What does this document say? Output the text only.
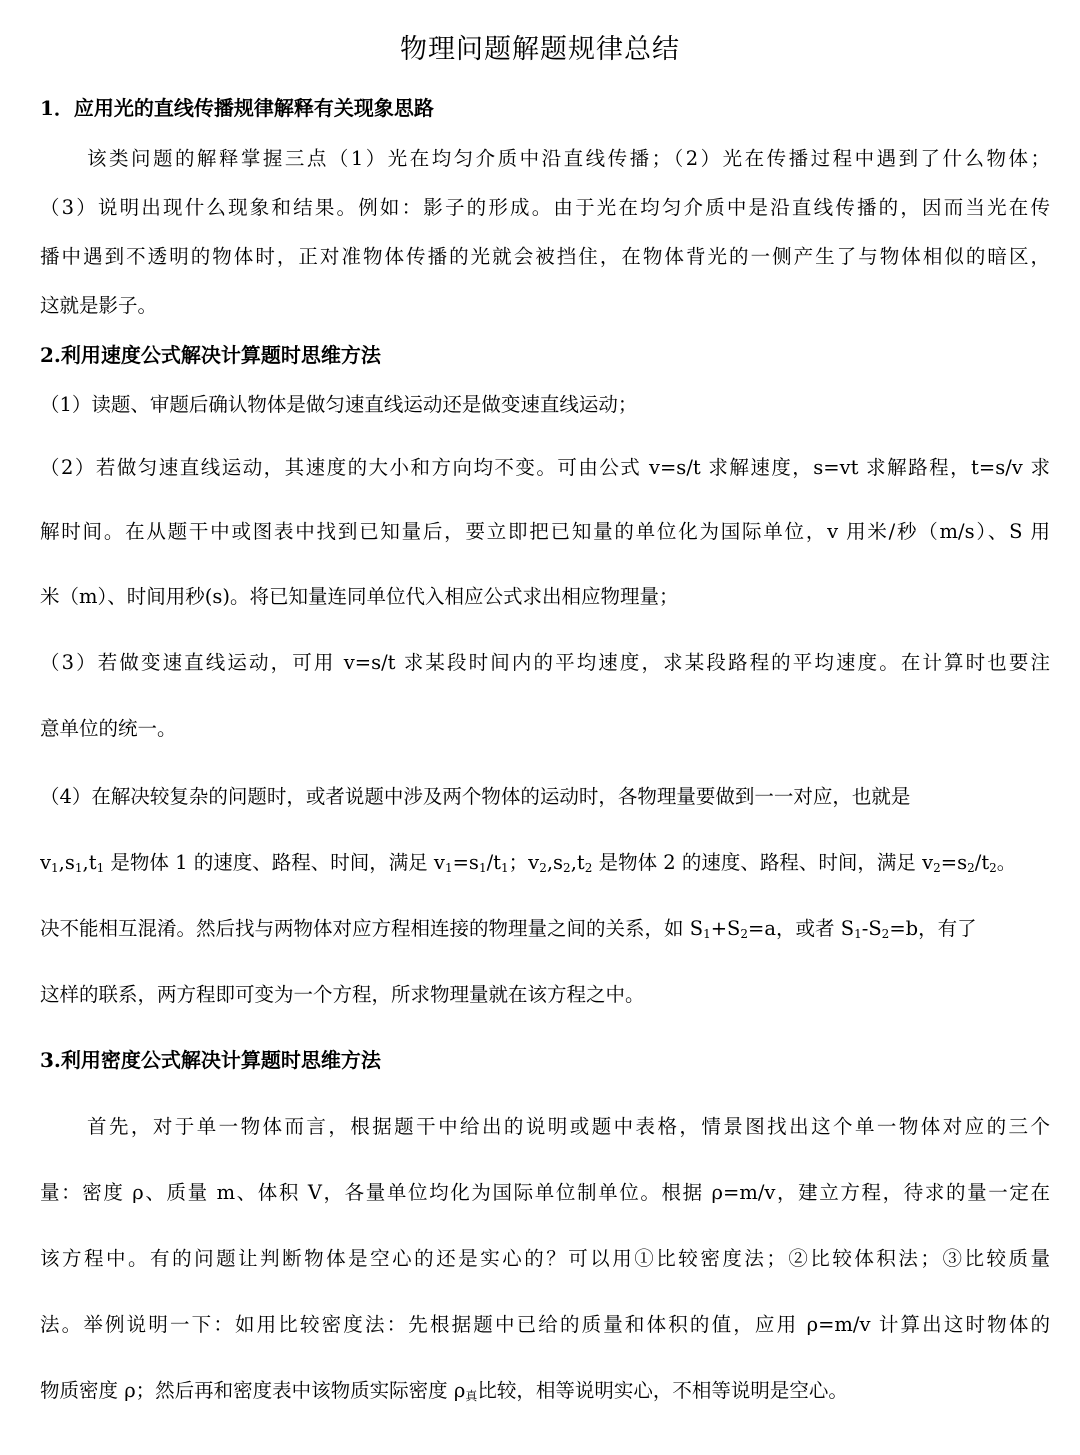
物理问题解题规律总结
1．应用光的直线传播规律解释有关现象思路
该类问题的解释掌握三点（1）光在均匀介质中沿直线传播；（2）光在传播过程中遇到了什么物体；
（3）说明出现什么现象和结果。例如：影子的形成。由于光在均匀介质中是沿直线传播的，因而当光在传
播中遇到不透明的物体时，正对准物体传播的光就会被挡住，在物体背光的一侧产生了与物体相似的暗区，
这就是影子。
2.利用速度公式解决计算题时思维方法
（1）读题、审题后确认物体是做匀速直线运动还是做变速直线运动；
（2）若做匀速直线运动，其速度的大小和方向均不变。可由公式 v=s/t 求解速度，s=vt 求解路程，t=s/v 求
解时间。在从题干中或图表中找到已知量后，要立即把已知量的单位化为国际单位，v 用米/秒（m/s）、S 用
米（m）、时间用秒(s)。将已知量连同单位代入相应公式求出相应物理量；
（3）若做变速直线运动，可用 v=s/t 求某段时间内的平均速度，求某段路程的平均速度。在计算时也要注
意单位的统一。
（4）在解决较复杂的问题时，或者说题中涉及两个物体的运动时，各物理量要做到一一对应，也就是
$v_1,s_1,t_1$ 是物体 1 的速度、路程、时间，满足 $v_1=s_1/t_1$；$v_2,s_2,t_2$ 是物体 2 的速度、路程、时间，满足 $v_2=s_2/t_2$。
决不能相互混淆。然后找与两物体对应方程相连接的物理量之间的关系，如 $S_1+S_2=a$，或者 $S_1-S_2=b$，有了
这样的联系，两方程即可变为一个方程，所求物理量就在该方程之中。
3.利用密度公式解决计算题时思维方法
首先，对于单一物体而言，根据题干中给出的说明或题中表格，情景图找出这个单一物体对应的三个
量：密度 ρ、质量 m、体积 V，各量单位均化为国际单位制单位。根据 ρ=m/v，建立方程，待求的量一定在
该方程中。有的问题让判断物体是空心的还是实心的？可以用①比较密度法；②比较体积法；③比较质量
法。举例说明一下：如用比较密度法：先根据题中已给的质量和体积的值，应用 ρ=m/v 计算出这时物体的
物质密度 ρ；然后再和密度表中该物质实际密度 $\rho_真$比较，相等说明实心，不相等说明是空心。
